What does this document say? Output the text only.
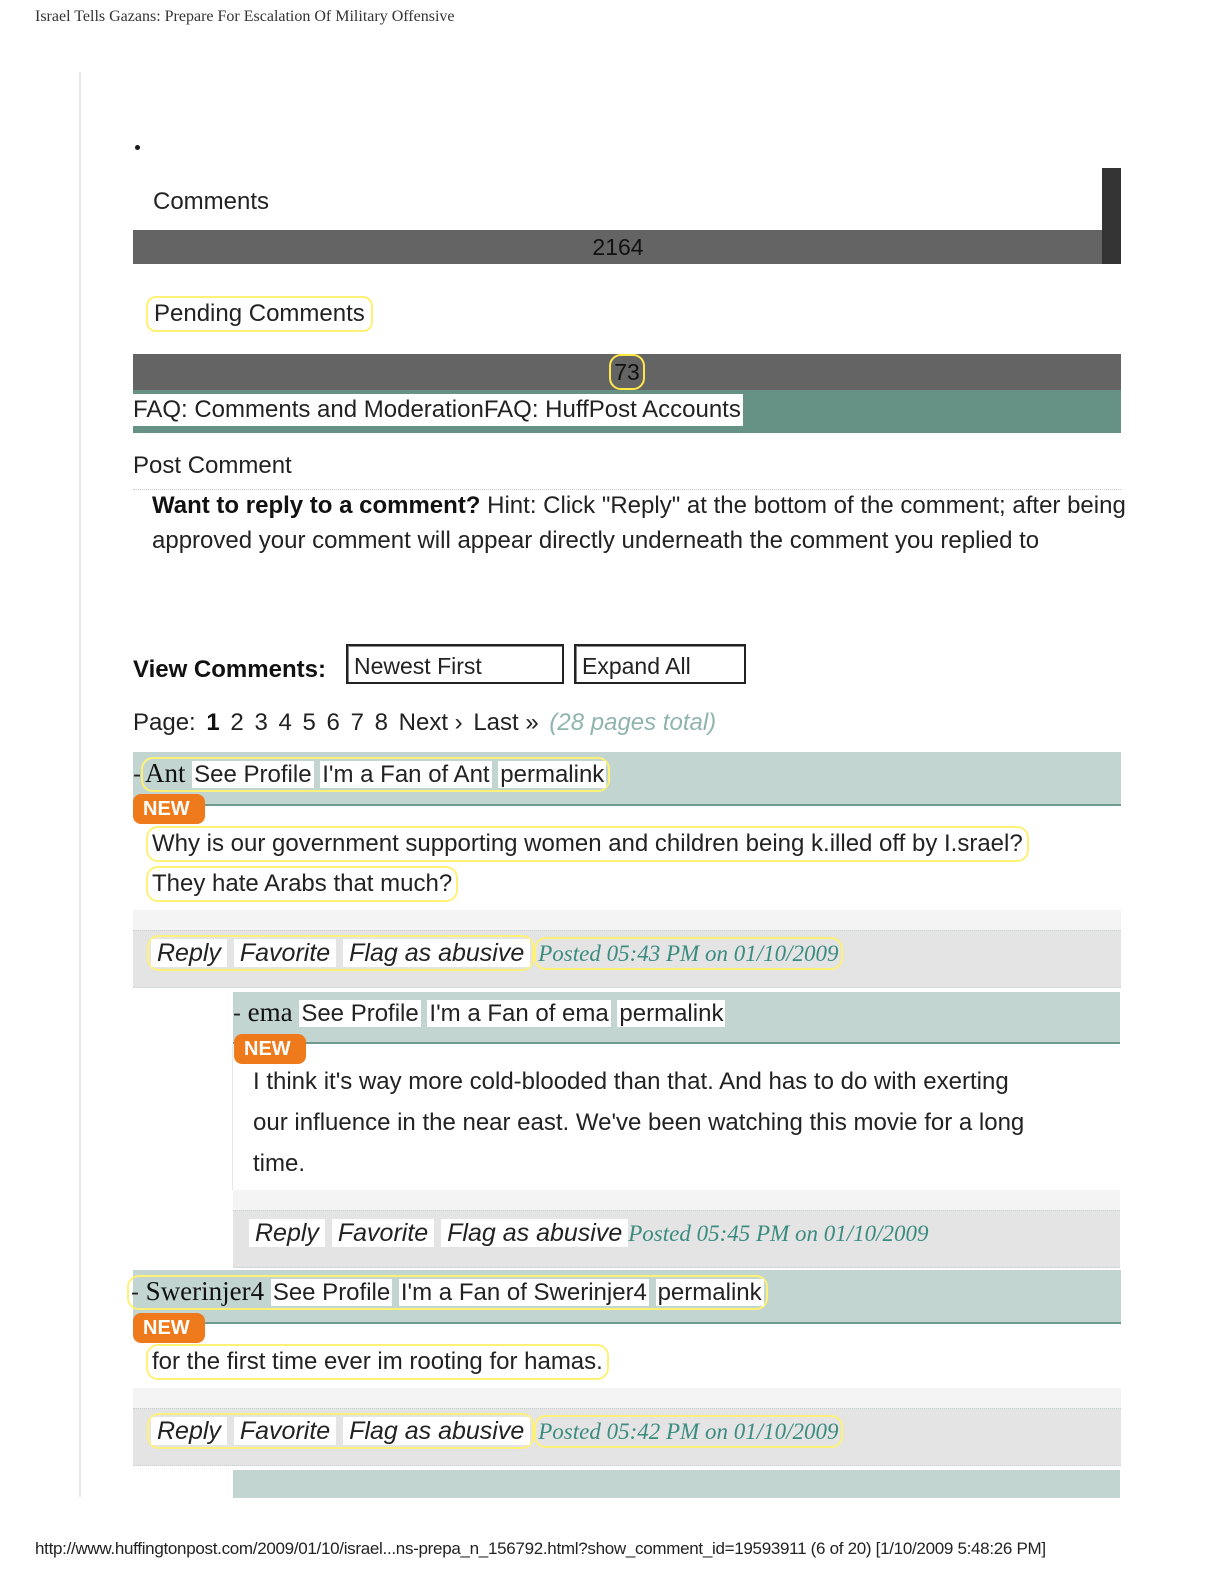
Israel Tells Gazans: Prepare For Escalation Of Military Offensive
Comments
2164
Pending Comments
73
FAQ: Comments and ModerationFAQ: HuffPost Accounts
Post Comment
Want to reply to a comment? Hint: Click "Reply" at the bottom of the comment; after being approved your comment will appear directly underneath the comment you replied to
View Comments:	Newest First	Expand All
Page: 1 2 3 4 5 6 7 8 Next › Last » (28 pages total)
- Ant See Profile I'm a Fan of Ant permalink
NEW
Why is our government supporting women and children being k.illed off by I.srael?
They hate Arabs that much?
Reply Favorite Flag as abusive Posted 05:43 PM on 01/10/2009
- ema See Profile I'm a Fan of ema permalink
I think it's way more cold-blooded than that. And has to do with exerting
our influence in the near east. We've been watching this movie for a long
time.
NEW
Reply Favorite Flag as abusive Posted 05:45 PM on 01/10/2009
- Swerinjer4 See Profile I'm a Fan of Swerinjer4 permalink
NEW
for the first time ever im rooting for hamas.
Reply Favorite Flag as abusive Posted 05:42 PM on 01/10/2009
http://www.huffingtonpost.com/2009/01/10/israel...ns-prepa_n_156792.html?show_comment_id=19593911 (6 of 20) [1/10/2009 5:48:26 PM]
